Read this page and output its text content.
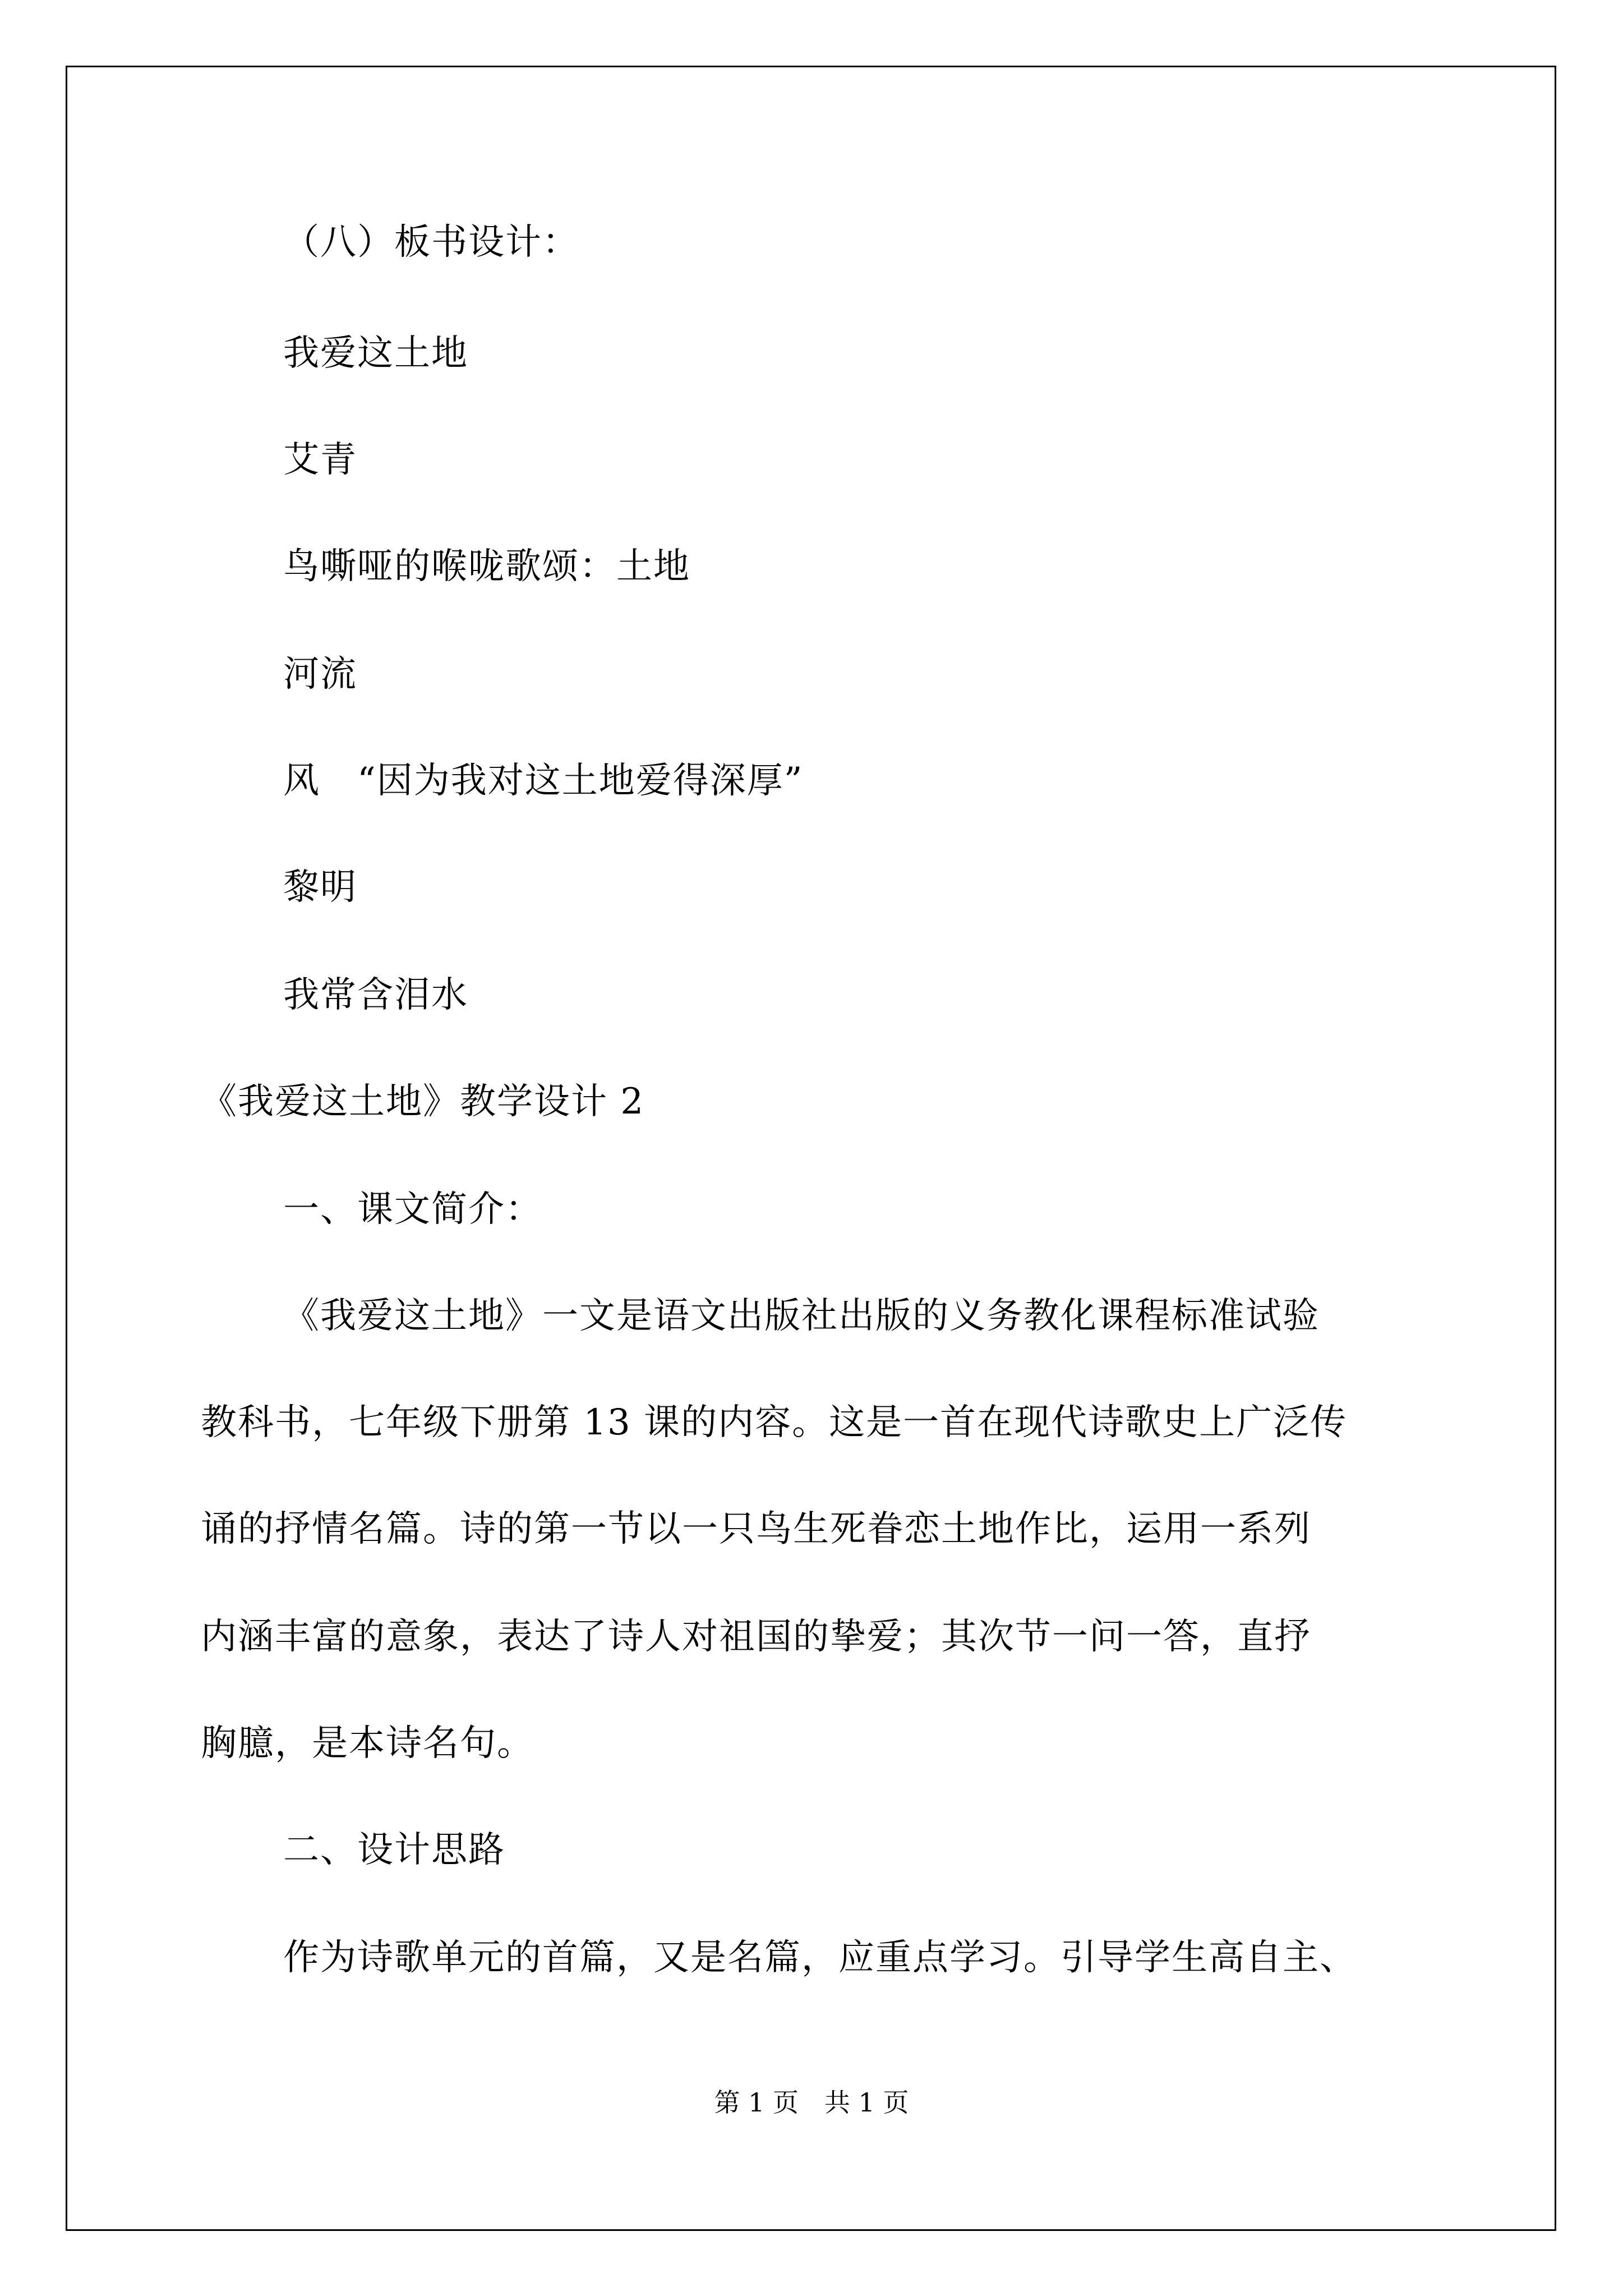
（八）板书设计：
我爱这土地
艾青
鸟嘶哑的喉咙歌颂：土地
河流
风　“因为我对这土地爱得深厚”
黎明
我常含泪水
《我爱这土地》教学设计 2
一、课文简介：
《我爱这土地》一文是语文出版社出版的义务教化课程标准试验
教科书，七年级下册第 13 课的内容。这是一首在现代诗歌史上广泛传
诵的抒情名篇。诗的第一节以一只鸟生死眷恋土地作比，运用一系列
内涵丰富的意象，表达了诗人对祖国的挚爱；其次节一问一答，直抒
胸臆，是本诗名句。
二、设计思路
作为诗歌单元的首篇，又是名篇，应重点学习。引导学生高自主、
第 1 页　共 1 页
